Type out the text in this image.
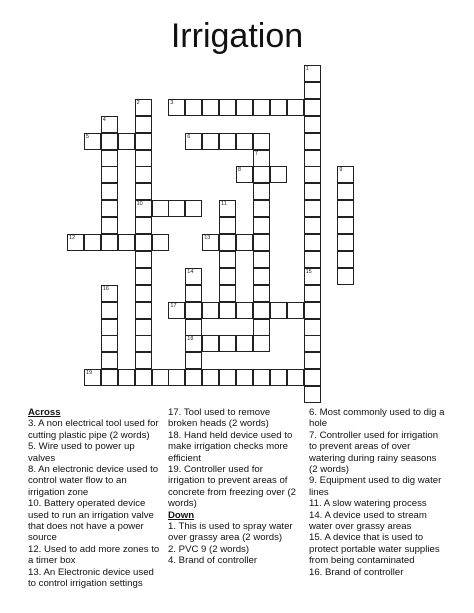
Irrigation
1
2	3
4
5	6
7
8	9
10	11
12	13
14	15
16
17
18
19
Across
3. A non electrical tool used for cutting plastic pipe (2 words)
5. Wire used to power up valves
8. An electronic device used to control water flow to an irrigation zone
10. Battery operated device used to run an irrigation valve that does not have a power source
12. Used to add more zones to a timer box
13. An Electronic device used to control irrigation settings
17. Tool used to remove broken heads (2 words)
18. Hand held device used to make irrigation checks more efficient
19. Controller used for irrigation to prevent areas of concrete from freezing over (2 words)
Down
1. This is used to spray water over grassy area (2 words)
2. PVC 9 (2 words)
4. Brand of controller
6. Most commonly used to dig a hole
7. Controller used for irrigation to prevent areas of over watering during rainy seasons (2 words)
9. Equipment used to dig water lines
11. A slow watering process
14. A device used to stream water over grassy areas
15. A device that is used to protect portable water supplies from being contaminated
16. Brand of controller
